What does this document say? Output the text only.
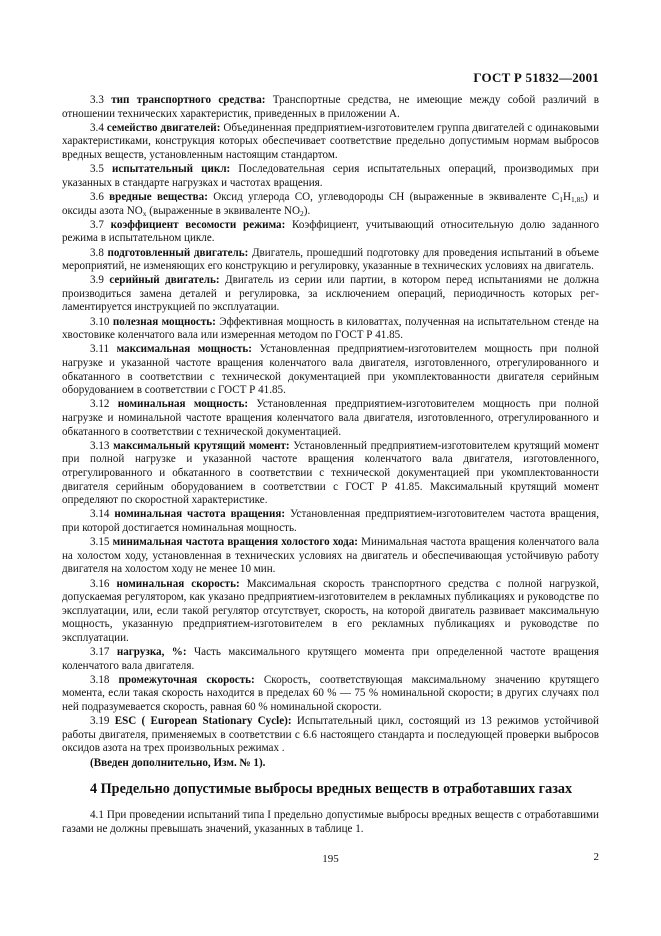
ГОСТ Р 51832—2001

3.3 тип транспортного средства: Транспортные средства, не имеющие между собой различий в отношении технических характеристик, приведенных в приложении А.

3.4 семейство двигателей: Объединенная предприятием-изготовителем группа двигателей с одинаковыми характеристиками, конструкция которых обеспечивает соответствие предельно допустимым нормам выбросов вредных веществ, установленным настоящим стандартом.

3.5 испытательный цикл: Последовательная серия испытательных операций, производимых при указанных в стандарте нагрузках и частотах вращения.

3.6 вредные вещества: Оксид углерода СО, углеводороды СН (выраженные в эквиваленте $С_1Н_{1,85}$) и оксиды азота $NO_x$ (выраженные в эквиваленте $NO_2$).

3.7 коэффициент весомости режима: Коэффициент, учитывающий относительную долю заданного режима в испытательном цикле.

3.8 подготовленный двигатель: Двигатель, прошедший подготовку для проведения испытаний в объеме мероприятий, не изменяющих его конструкцию и регулировку, указанные в технических условиях на двигатель.

3.9 серийный двигатель: Двигатель из серии или партии, в котором перед испытаниями не должна производиться замена деталей и регулировка, за исключением операций, периодичность которых регламентируется инструкцией по эксплуатации.

3.10 полезная мощность: Эффективная мощность в киловаттах, полученная на испытательном стенде на хвостовике коленчатого вала или измеренная методом по ГОСТ Р 41.85.

3.11 максимальная мощность: Установленная предприятием-изготовителем мощность при полной нагрузке и указанной частоте вращения коленчатого вала двигателя, изготовленного, отрегулированного и обкатанного в соответствии с технической документацией при укомплектованности двигателя серийным оборудованием в соответствии с ГОСТ Р 41.85.

3.12 номинальная мощность: Установленная предприятием-изготовителем мощность при полной нагрузке и номинальной частоте вращения коленчатого вала двигателя, изготовленного, отрегулированного и обкатанного в соответствии с технической документацией.

3.13 максимальный крутящий момент: Установленный предприятием-изготовителем крутящий момент при полной нагрузке и указанной частоте вращения коленчатого вала двигателя, изготовленного, отрегулированного и обкатанного в соответствии с технической документацией при укомплектованности двигателя серийным оборудованием в соответствии с ГОСТ Р 41.85. Максимальный крутящий момент определяют по скоростной характеристике.

3.14 номинальная частота вращения: Установленная предприятием-изготовителем частота вращения, при которой достигается номинальная мощность.

3.15 минимальная частота вращения холостого хода: Минимальная частота вращения коленчатого вала на холостом ходу, установленная в технических условиях на двигатель и обеспечивающая устойчивую работу двигателя на холостом ходу не менее 10 мин.

3.16 номинальная скорость: Максимальная скорость транспортного средства с полной нагрузкой, допускаемая регулятором, как указано предприятием-изготовителем в рекламных публикациях и руководстве по эксплуатации, или, если такой регулятор отсутствует, скорость, на которой двигатель развивает максимальную мощность, указанную предприятием-изготовителем в его рекламных публикациях и руководстве по эксплуатации.

3.17 нагрузка, %: Часть максимального крутящего момента при определенной частоте вращения коленчатого вала двигателя.

3.18 промежуточная скорость: Скорость, соответствующая максимальному значению крутящего момента, если такая скорость находится в пределах 60 % — 75 % номинальной скорости; в других случаях пол ней подразумевается скорость, равная 60 % номинальной скорости.

3.19 ESC ( European Stationary Cycle): Испытательный цикл, состоящий из 13 режимов устойчивой работы двигателя, применяемых в соответствии с 6.6 настоящего стандарта и последующей проверки выбросов оксидов азота на трех произвольных режимах .

(Введен дополнительно, Изм. № 1).

4 Предельно допустимые выбросы вредных веществ в отработавших газах

4.1 При проведении испытаний типа I предельно допустимые выбросы вредных веществ с отработавшими газами не должны превышать значений, указанных в таблице 1.

195	2
